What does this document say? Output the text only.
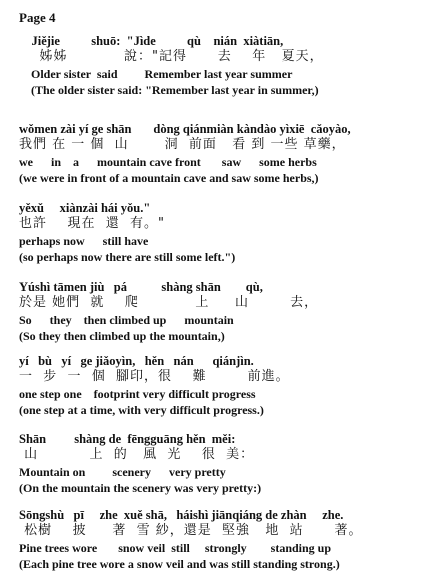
Page 4
Jiějie          shuō:  "Jìde          qù    nián  xiàtiān,
姊姊           說："記得      去    年   夏天，
Older sister  said         Remember last year summer
(The older sister said: "Remember last year in summer,)
wǒmen zài yí ge shān       dòng qiánmiàn kàndào yìxiē  cǎoyào,
我們 在 一 個  山       洞  前面   看 到 一些 草藥，
we      in    a      mountain cave front       saw      some herbs
(we were in front of a mountain cave and saw some herbs,)
yěxǔ     xiànzài hái yǒu."
也許    現在  還  有。"
perhaps now      still have
(so perhaps now there are still some left.")
Yúshì tāmen jiù   pá           shàng shān        qù,
於是 她們  就    爬           上     山        去，
So      they    then climbed up      mountain
(So they then climbed up the mountain,)
yí   bù   yí   ge jiǎoyìn,   hěn   nán      qiánjìn.
一  步  一  個  腳印，很    難        前進。
one step one    footprint very difficult progress
(one step at a time, with very difficult progress.)
Shān         shàng de  fēngguāng hěn  měi:
山          上  的   風  光    很  美：
Mountain on         scenery      very pretty
(On the mountain the scenery was very pretty:)
Sōngshù   pī     zhe  xuě shā,   háishì jiānqiáng de zhàn     zhe.
松樹    披     著  雪 紗，還是  堅強   地  站      著。
Pine trees wore       snow veil  still     strongly        standing up
(Each pine tree wore a snow veil and was still standing strong.)
